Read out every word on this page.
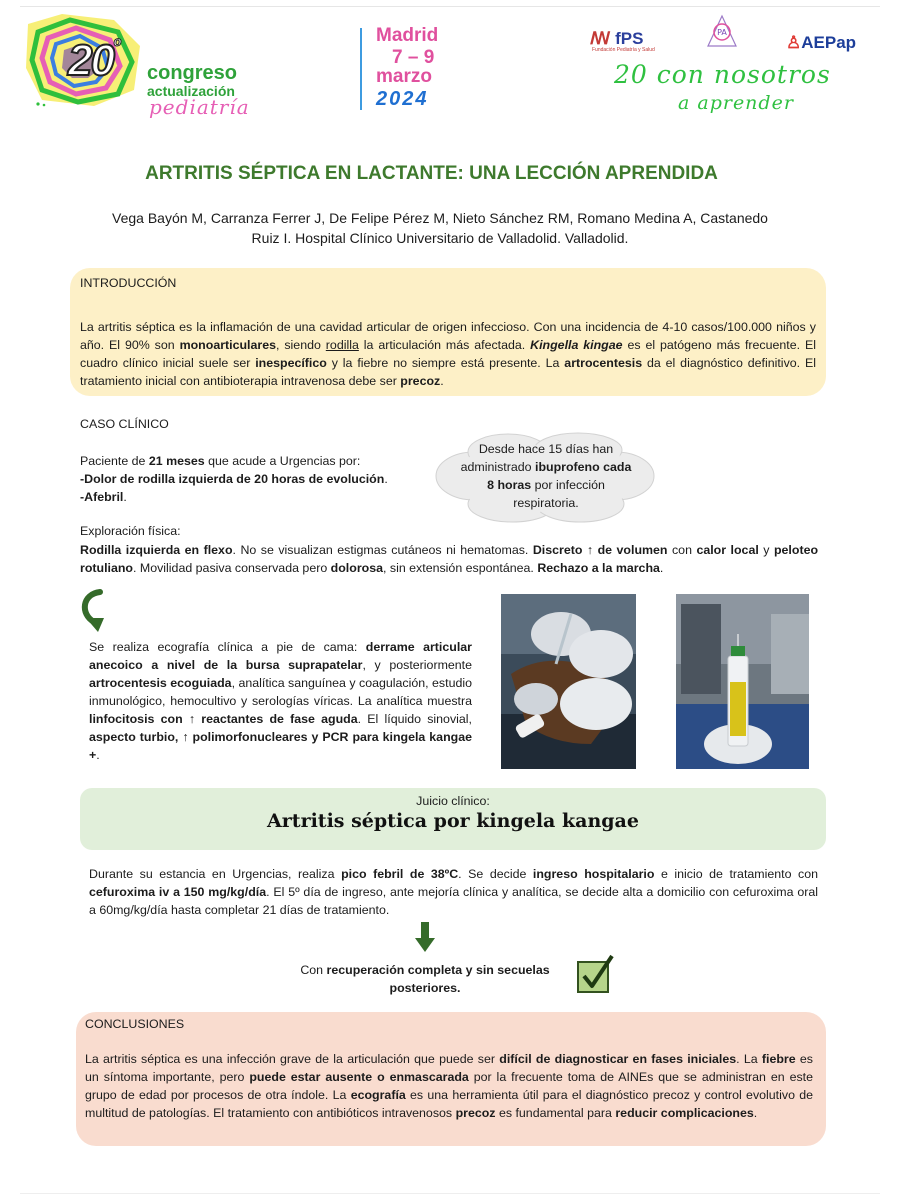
$20^º$
congreso
actualización
pediatría
Madrid
7 – 9
marzo
2024
ꟿ fPS
Fundación Pediatría y Salud
PA
♙AEPap
20 con nosotros
a aprender
ARTRITIS SÉPTICA EN LACTANTE: UNA LECCIÓN APRENDIDA
Vega Bayón M, Carranza Ferrer J, De Felipe Pérez M, Nieto Sánchez RM, Romano Medina A, Castanedo Ruiz I. Hospital Clínico Universitario de Valladolid. Valladolid.
INTRODUCCIÓN
La artritis séptica es la inflamación de una cavidad articular de origen infeccioso. Con una incidencia de 4-10 casos/100.000 niños y año. El 90% son monoarticulares, siendo rodilla la articulación más afectada. Kingella kingae es el patógeno más frecuente. El cuadro clínico inicial suele ser inespecífico y la fiebre no siempre está presente. La artrocentesis da el diagnóstico definitivo. El tratamiento inicial con antibioterapia intravenosa debe ser precoz.
CASO CLÍNICO
Paciente de 21 meses que acude a Urgencias por:
-Dolor de rodilla izquierda de 20 horas de evolución.
-Afebril.
Desde hace 15 días han administrado ibuprofeno cada 8 horas por infección respiratoria.
Exploración física:
Rodilla izquierda en flexo. No se visualizan estigmas cutáneos ni hematomas. Discreto ↑ de volumen con calor local y peloteo rotuliano. Movilidad pasiva conservada pero dolorosa, sin extensión espontánea. Rechazo a la marcha.
Se realiza ecografía clínica a pie de cama: derrame articular anecoico a nivel de la bursa suprapatelar, y posteriormente artrocentesis ecoguiada, analítica sanguínea y coagulación, estudio inmunológico, hemocultivo y serologías víricas. La analítica muestra linfocitosis con ↑ reactantes de fase aguda. El líquido sinovial, aspecto turbio, ↑ polimorfonucleares y PCR para kingela kangae +.
Juicio clínico:
Artritis séptica por kingela kangae
Durante su estancia en Urgencias, realiza pico febril de 38ºC. Se decide ingreso hospitalario e inicio de tratamiento con cefuroxima iv a 150 mg/kg/día. El 5º día de ingreso, ante mejoría clínica y analítica, se decide alta a domicilio con cefuroxima oral a 60mg/kg/día hasta completar 21 días de tratamiento.
Con recuperación completa y sin secuelas posteriores.
CONCLUSIONES
La artritis séptica es una infección grave de la articulación que puede ser difícil de diagnosticar en fases iniciales. La fiebre es un síntoma importante, pero puede estar ausente o enmascarada por la frecuente toma de AINEs que se administran en este grupo de edad por procesos de otra índole. La ecografía es una herramienta útil para el diagnóstico precoz y control evolutivo de multitud de patologías. El tratamiento con antibióticos intravenosos precoz es fundamental para reducir complicaciones.
